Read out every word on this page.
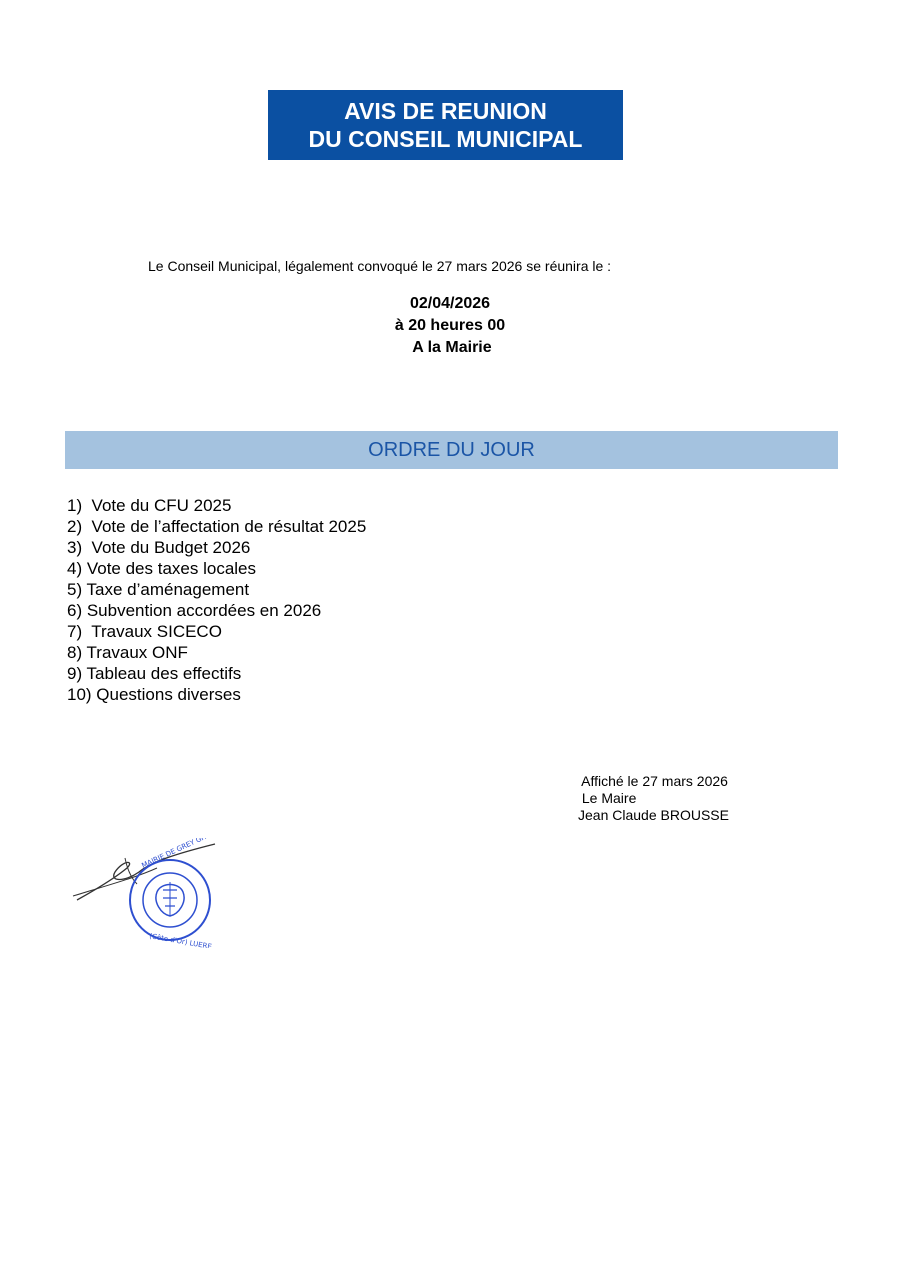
AVIS DE REUNION
DU CONSEIL MUNICIPAL
Le Conseil Municipal, légalement convoqué le 27 mars 2026 se réunira le :
02/04/2026
à 20 heures 00
A la Mairie
ORDRE DU JOUR
1)  Vote du CFU 2025
2)  Vote de l’affectation de résultat 2025
3)  Vote du Budget 2026
4) Vote des taxes locales
5) Taxe d’aménagement
6) Subvention accordées en 2026
7)  Travaux SICECO
8) Travaux ONF
9) Tableau des effectifs
10) Questions diverses
Affiché le 27 mars 2026
Le Maire
Jean Claude BROUSSE
MAIRIE DE GREY GH
(Côte d'Or) LUERE
